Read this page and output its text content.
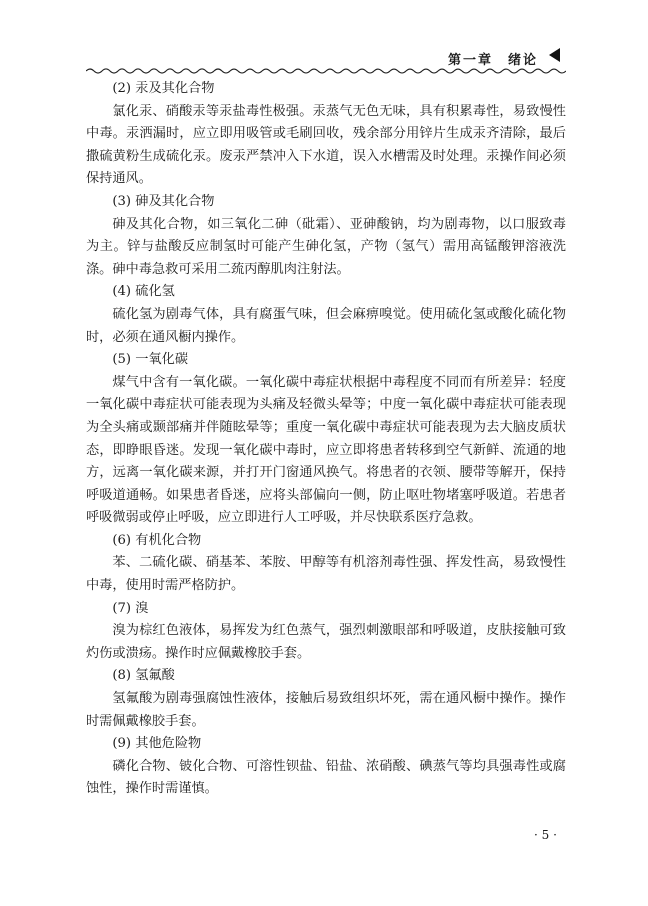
第一章　绪论
(2) 汞及其化合物

氯化汞、硝酸汞等汞盐毒性极强。汞蒸气无色无味，具有积累毒性，易致慢性中毒。汞洒漏时，应立即用吸管或毛刷回收，残余部分用锌片生成汞齐清除，最后撒硫黄粉生成硫化汞。废汞严禁冲入下水道，误入水槽需及时处理。汞操作间必须保持通风。

(3) 砷及其化合物

砷及其化合物，如三氧化二砷（砒霜）、亚砷酸钠，均为剧毒物，以口服致毒为主。锌与盐酸反应制氢时可能产生砷化氢，产物（氢气）需用高锰酸钾溶液洗涤。砷中毒急救可采用二巯丙醇肌肉注射法。

(4) 硫化氢

硫化氢为剧毒气体，具有腐蛋气味，但会麻痹嗅觉。使用硫化氢或酸化硫化物时，必须在通风橱内操作。

(5) 一氧化碳

煤气中含有一氧化碳。一氧化碳中毒症状根据中毒程度不同而有所差异：轻度一氧化碳中毒症状可能表现为头痛及轻微头晕等；中度一氧化碳中毒症状可能表现为全头痛或颞部痛并伴随眩晕等；重度一氧化碳中毒症状可能表现为去大脑皮质状态，即睁眼昏迷。发现一氧化碳中毒时，应立即将患者转移到空气新鲜、流通的地方，远离一氧化碳来源，并打开门窗通风换气。将患者的衣领、腰带等解开，保持呼吸道通畅。如果患者昏迷，应将头部偏向一侧，防止呕吐物堵塞呼吸道。若患者呼吸微弱或停止呼吸，应立即进行人工呼吸，并尽快联系医疗急救。

(6) 有机化合物

苯、二硫化碳、硝基苯、苯胺、甲醇等有机溶剂毒性强、挥发性高，易致慢性中毒，使用时需严格防护。

(7) 溴

溴为棕红色液体，易挥发为红色蒸气，强烈刺激眼部和呼吸道，皮肤接触可致灼伤或溃疡。操作时应佩戴橡胶手套。

(8) 氢氟酸

氢氟酸为剧毒强腐蚀性液体，接触后易致组织坏死，需在通风橱中操作。操作时需佩戴橡胶手套。

(9) 其他危险物

磷化合物、铍化合物、可溶性钡盐、铅盐、浓硝酸、碘蒸气等均具强毒性或腐蚀性，操作时需谨慎。

· 5 ·
